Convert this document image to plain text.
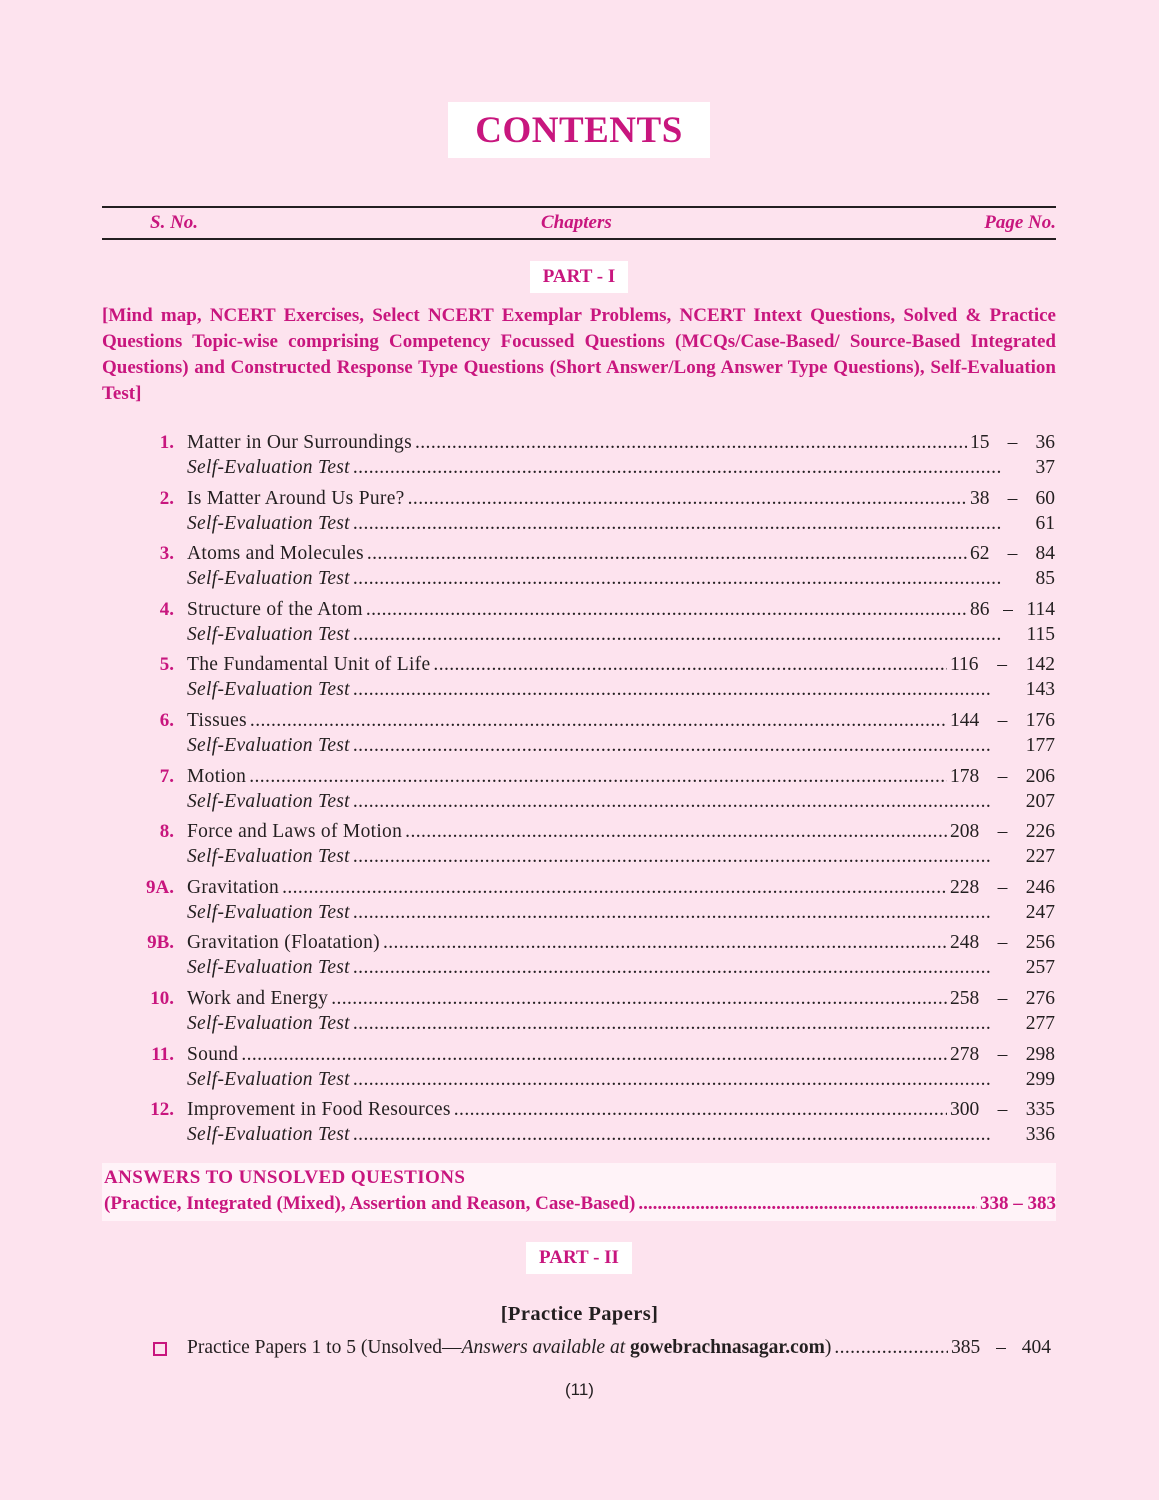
CONTENTS
S. No.	Chapters	Page No.
PART - I
[Mind map, NCERT Exercises, Select NCERT Exemplar Problems, NCERT Intext Questions, Solved & Practice Questions Topic-wise comprising Competency Focussed Questions (MCQs/Case-Based/ Source-Based Integrated Questions) and Constructed Response Type Questions (Short Answer/Long Answer Type Questions), Self-Evaluation Test]
1. Matter in Our Surroundings .....	15 – 36
Self-Evaluation Test .....	37
2. Is Matter Around Us Pure? .....	38 – 60
Self-Evaluation Test .....	61
3. Atoms and Molecules .....	62 – 84
Self-Evaluation Test .....	85
4. Structure of the Atom .....	86 – 114
Self-Evaluation Test .....	115
5. The Fundamental Unit of Life .....	116 – 142
Self-Evaluation Test .....	143
6. Tissues .....	144 – 176
Self-Evaluation Test .....	177
7. Motion .....	178 – 206
Self-Evaluation Test .....	207
8. Force and Laws of Motion .....	208 – 226
Self-Evaluation Test .....	227
9A. Gravitation .....	228 – 246
Self-Evaluation Test .....	247
9B. Gravitation (Floatation) .....	248 – 256
Self-Evaluation Test .....	257
10. Work and Energy .....	258 – 276
Self-Evaluation Test .....	277
11. Sound .....	278 – 298
Self-Evaluation Test .....	299
12. Improvement in Food Resources .....	300 – 335
Self-Evaluation Test .....	336
ANSWERS TO UNSOLVED QUESTIONS
(Practice, Integrated (Mixed), Assertion and Reason, Case-Based) .....	338 – 383
PART - II
[Practice Papers]
Practice Papers 1 to 5 (Unsolved—Answers available at gowebrachnasagar.com) .....	385 – 404
(11)
